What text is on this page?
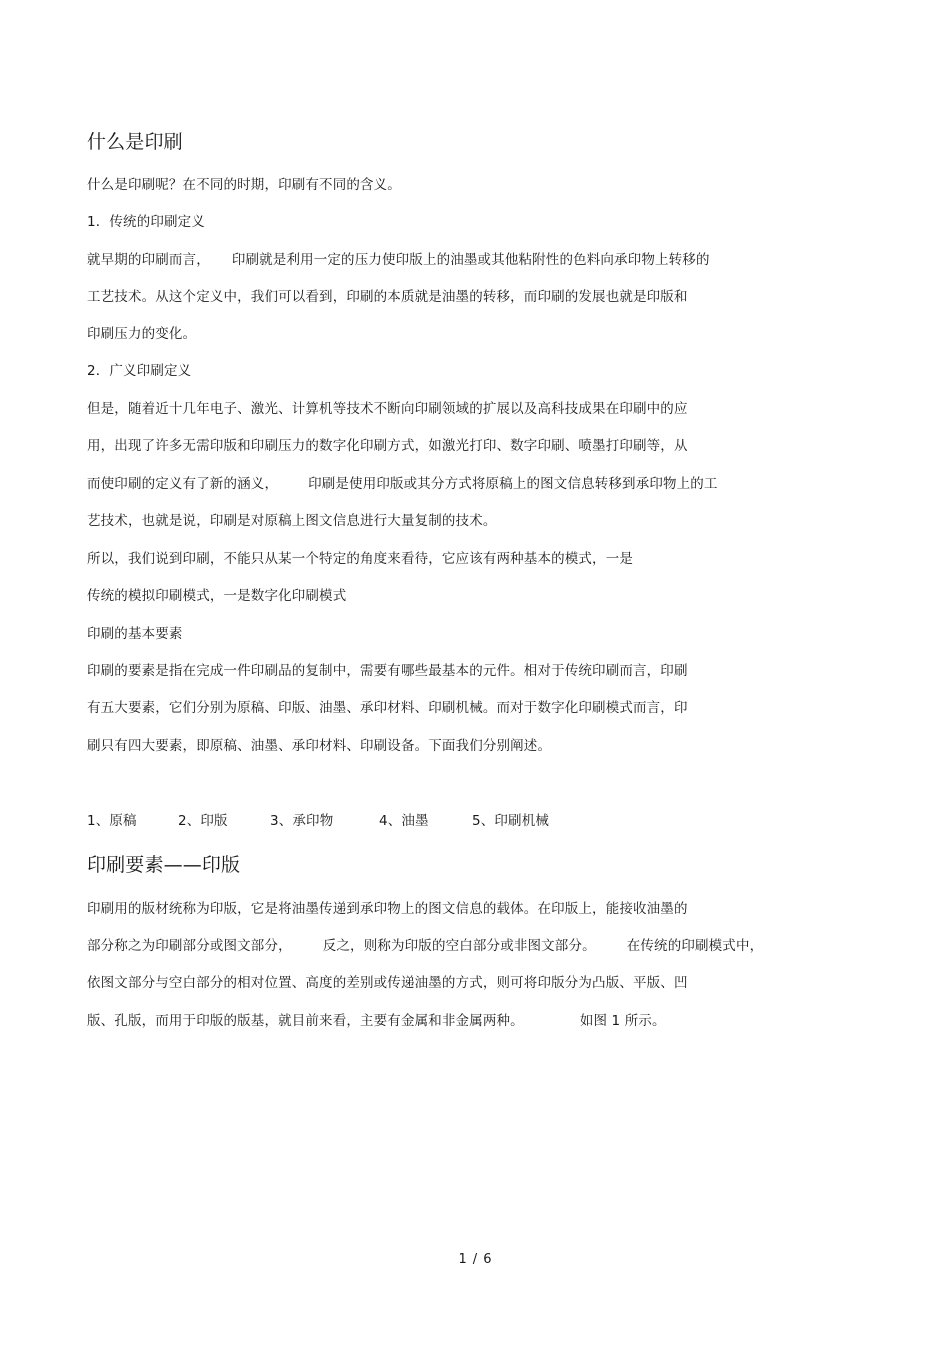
什么是印刷

什么是印刷呢？在不同的时期，印刷有不同的含义。

1．传统的印刷定义

就早期的印刷而言， 印刷就是利用一定的压力使印版上的油墨或其他粘附性的色料向承印物上转移的

工艺技术。从这个定义中，我们可以看到，印刷的本质就是油墨的转移，而印刷的发展也就是印版和

印刷压力的变化。

2．广义印刷定义

但是，随着近十几年电子、激光、计算机等技术不断向印刷领域的扩展以及高科技成果在印刷中的应

用，出现了许多无需印版和印刷压力的数字化印刷方式，如激光打印、数字印刷、喷墨打印刷等，从

而使印刷的定义有了新的涵义， 印刷是使用印版或其分方式将原稿上的图文信息转移到承印物上的工

艺技术，也就是说，印刷是对原稿上图文信息进行大量复制的技术。

所以，我们说到印刷，不能只从某一个特定的角度来看待，它应该有两种基本的模式，一是

传统的模拟印刷模式，一是数字化印刷模式

印刷的基本要素

印刷的要素是指在完成一件印刷品的复制中，需要有哪些最基本的元件。相对于传统印刷而言，印刷

有五大要素，它们分别为原稿、印版、油墨、承印材料、印刷机械。而对于数字化印刷模式而言，印

刷只有四大要素，即原稿、油墨、承印材料、印刷设备。下面我们分别阐述。

1、原稿	2、印版	3、承印物	4、油墨	5、印刷机械
印刷要素——印版

印刷用的版材统称为印版，它是将油墨传递到承印物上的图文信息的载体。在印版上，能接收油墨的

部分称之为印刷部分或图文部分， 反之，则称为印版的空白部分或非图文部分。 在传统的印刷模式中，

依图文部分与空白部分的相对位置、高度的差别或传递油墨的方式，则可将印版分为凸版、平版、凹

版、孔版，而用于印版的版基，就目前来看，主要有金属和非金属两种。	如图 1 所示。

1 / 6
